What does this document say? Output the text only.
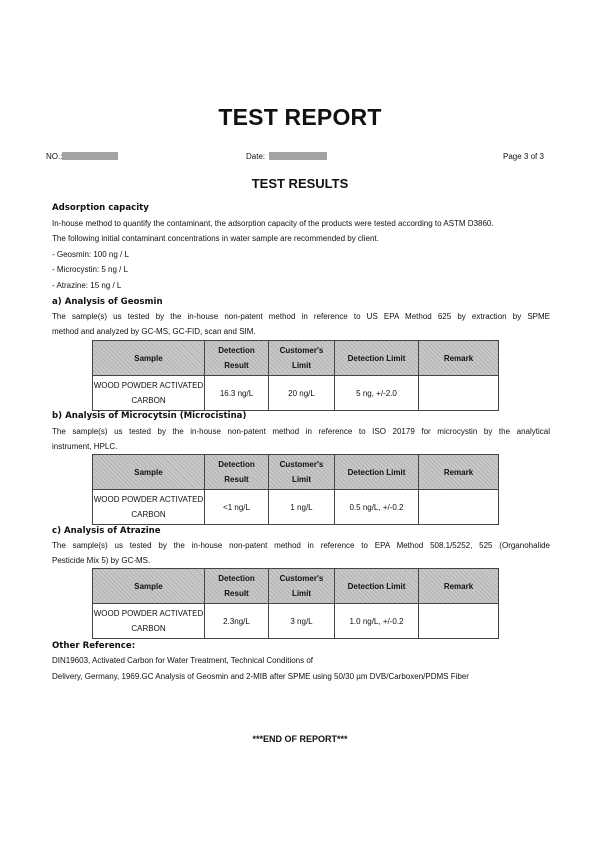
TEST REPORT
NO.:	Date:	Page 3 of 3
TEST RESULTS
Adsorption capacity
In-house method to quantify the contaminant, the adsorption capacity of the products were tested according to ASTM D3860.
The following initial contaminant concentrations in water sample are recommended by client.
- Geosmin: 100 ng / L
- Microcystin: 5 ng / L
- Atrazine: 15 ng / L
a) Analysis of Geosmin
The sample(s) us tested by the in-house non-patent method in reference to US EPA Method 625 by extraction by SPME
method and analyzed by GC-MS, GC-FID, scan and SIM.
Sample	Detection Result	Customer's Limit	Detection Limit	Remark
WOOD POWDER ACTIVATED CARBON	16.3 ng/L	20 ng/L	5 ng, +/-2.0	
b) Analysis of Microcytsin (Microcistina)
The sample(s) us tested by the in-house non-patent method in reference to ISO 20179 for microcystin by the analytical
instrument, HPLC.
Sample	Detection Result	Customer's Limit	Detection Limit	Remark
WOOD POWDER ACTIVATED CARBON	<1 ng/L	1 ng/L	0.5 ng/L, +/-0.2	
c) Analysis of Atrazine
The sample(s) us tested by the in-house non-patent method in reference to EPA Method 508.1/5252, 525 (Organohalide
Pesticide Mix 5) by GC-MS.
Sample	Detection Result	Customer's Limit	Detection Limit	Remark
WOOD POWDER ACTIVATED CARBON	2.3ng/L	3 ng/L	1.0 ng/L, +/-0.2	
Other Reference:
DIN19603, Activated Carbon for Water Treatment, Technical Conditions of
Delivery, Germany, 1969.GC Analysis of Geosmin and 2-MIB after SPME using 50/30 µm DVB/Carboxen/PDMS Fiber
***END OF REPORT***
